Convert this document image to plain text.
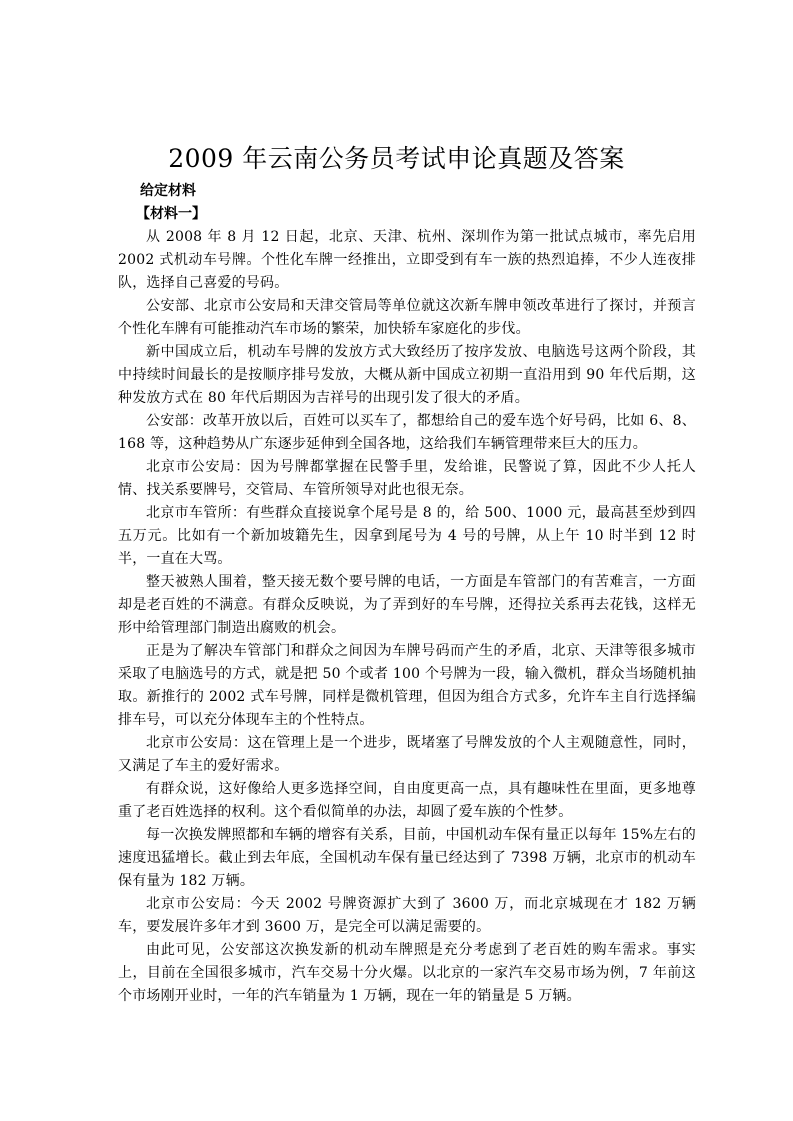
2009 年云南公务员考试申论真题及答案

给定材料

【材料一】

从 2008 年 8 月 12 日起，北京、天津、杭州、深圳作为第一批试点城市，率先启用 2002 式机动车号牌。个性化车牌一经推出，立即受到有车一族的热烈追捧，不少人连夜排队，选择自己喜爱的号码。

公安部、北京市公安局和天津交管局等单位就这次新车牌申领改革进行了探讨，并预言个性化车牌有可能推动汽车市场的繁荣，加快轿车家庭化的步伐。

新中国成立后，机动车号牌的发放方式大致经历了按序发放、电脑选号这两个阶段，其中持续时间最长的是按顺序排号发放，大概从新中国成立初期一直沿用到 90 年代后期，这种发放方式在 80 年代后期因为吉祥号的出现引发了很大的矛盾。

公安部：改革开放以后，百姓可以买车了，都想给自己的爱车选个好号码，比如 6、8、168 等，这种趋势从广东逐步延伸到全国各地，这给我们车辆管理带来巨大的压力。

北京市公安局：因为号牌都掌握在民警手里，发给谁，民警说了算，因此不少人托人情、找关系要牌号，交管局、车管所领导对此也很无奈。

北京市车管所：有些群众直接说拿个尾号是 8 的，给 500、1000 元，最高甚至炒到四五万元。比如有一个新加坡籍先生，因拿到尾号为 4 号的号牌，从上午 10 时半到 12 时半，一直在大骂。

整天被熟人围着，整天接无数个要号牌的电话，一方面是车管部门的有苦难言，一方面却是老百姓的不满意。有群众反映说，为了弄到好的车号牌，还得拉关系再去花钱，这样无形中给管理部门制造出腐败的机会。

正是为了解决车管部门和群众之间因为车牌号码而产生的矛盾，北京、天津等很多城市采取了电脑选号的方式，就是把 50 个或者 100 个号牌为一段，输入微机，群众当场随机抽取。新推行的 2002 式车号牌，同样是微机管理，但因为组合方式多，允许车主自行选择编排车号，可以充分体现车主的个性特点。

北京市公安局：这在管理上是一个进步，既堵塞了号牌发放的个人主观随意性，同时，又满足了车主的爱好需求。

有群众说，这好像给人更多选择空间，自由度更高一点，具有趣味性在里面，更多地尊重了老百姓选择的权利。这个看似简单的办法，却圆了爱车族的个性梦。

每一次换发牌照都和车辆的增容有关系，目前，中国机动车保有量正以每年 15%左右的速度迅猛增长。截止到去年底，全国机动车保有量已经达到了 7398 万辆，北京市的机动车保有量为 182 万辆。

北京市公安局：今天 2002 号牌资源扩大到了 3600 万，而北京城现在才 182 万辆车，要发展许多年才到 3600 万，是完全可以满足需要的。

由此可见，公安部这次换发新的机动车牌照是充分考虑到了老百姓的购车需求。事实上，目前在全国很多城市，汽车交易十分火爆。以北京的一家汽车交易市场为例，7 年前这个市场刚开业时，一年的汽车销量为 1 万辆，现在一年的销量是 5 万辆。
